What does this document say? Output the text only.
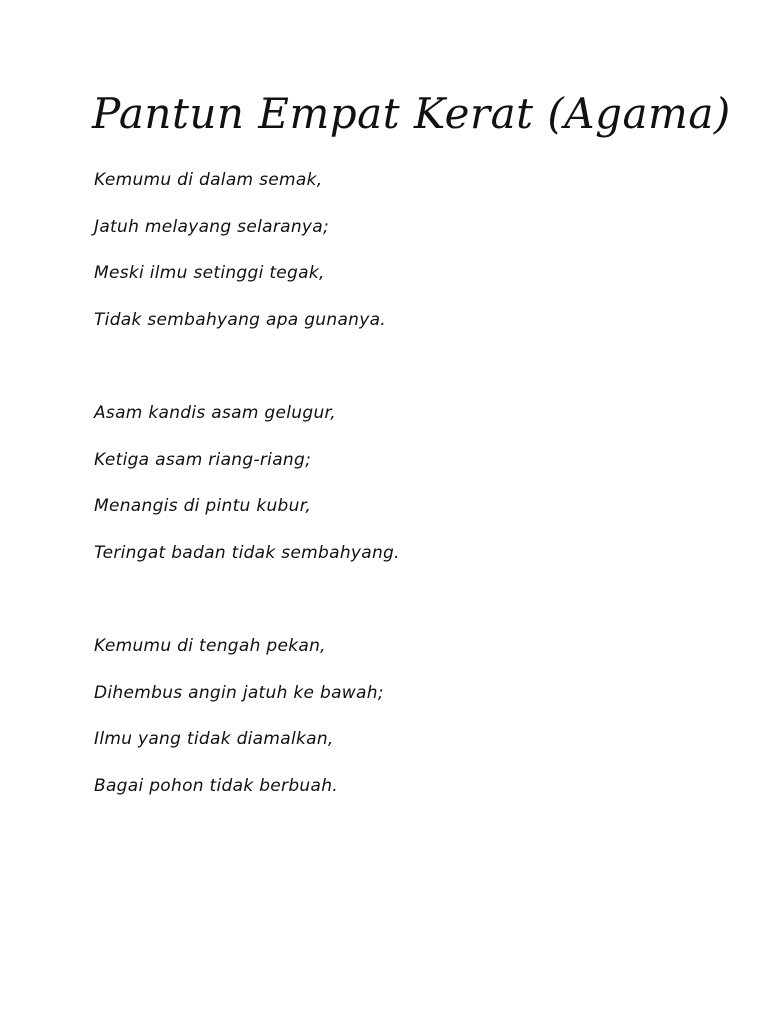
Pantun Empat Kerat (Agama)
Kemumu di dalam semak,
Jatuh melayang selaranya;
Meski ilmu setinggi tegak,
Tidak sembahyang apa gunanya.
Asam kandis asam gelugur,
Ketiga asam riang-riang;
Menangis di pintu kubur,
Teringat badan tidak sembahyang.
Kemumu di tengah pekan,
Dihembus angin jatuh ke bawah;
Ilmu yang tidak diamalkan,
Bagai pohon tidak berbuah.
